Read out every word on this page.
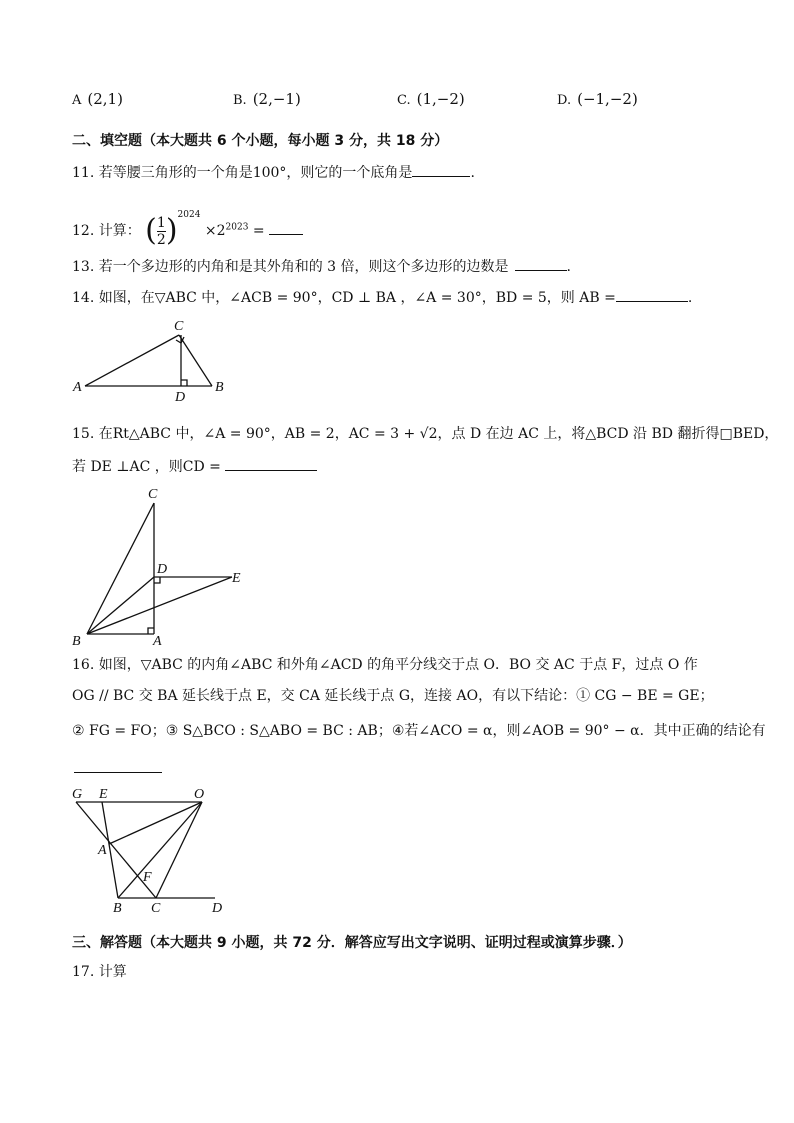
A (2,1)	B. (2,−1)	C. (1,−2)	D. (−1,−2)
二、填空题（本大题共 6 个小题，每小题 3 分，共 18 分）
11. 若等腰三角形的一个角是100°，则它的一个底角是	.
12. 计算： ( $\frac{1}{2} )^{2024} \times 2^{2023}$ =
13. 若一个多边形的内角和是其外角和的 3 倍，则这个多边形的边数是	.
14. 如图，在▽ABC 中，∠ACB = 90°，CD ⊥ BA ，∠A = 30°，BD = 5，则 AB =	.
A	B
C
D
15. 在Rt△ABC 中，∠A = 90°，AB = 2，AC = 3 + √2，点 D 在边 AC 上，将△BCD 沿 BD 翻折得□BED，
若 DE ⊥AC ，则CD =
C
D
E
B	A
16. 如图，▽ABC 的内角∠ABC 和外角∠ACD 的角平分线交于点 O．BO 交 AC 于点 F，过点 O 作
OG // BC 交 BA 延长线于点 E，交 CA 延长线于点 G，连接 AO，有以下结论：① CG − BE = GE；
② FG = FO；③ S△BCO : S△ABO = BC : AB；④若∠ACO = α，则∠AOB = 90° − α．其中正确的结论有
G E	O
A
F
B C	D
三、解答题（本大题共 9 小题，共 72 分．解答应写出文字说明、证明过程或演算步骤．）
17. 计算
